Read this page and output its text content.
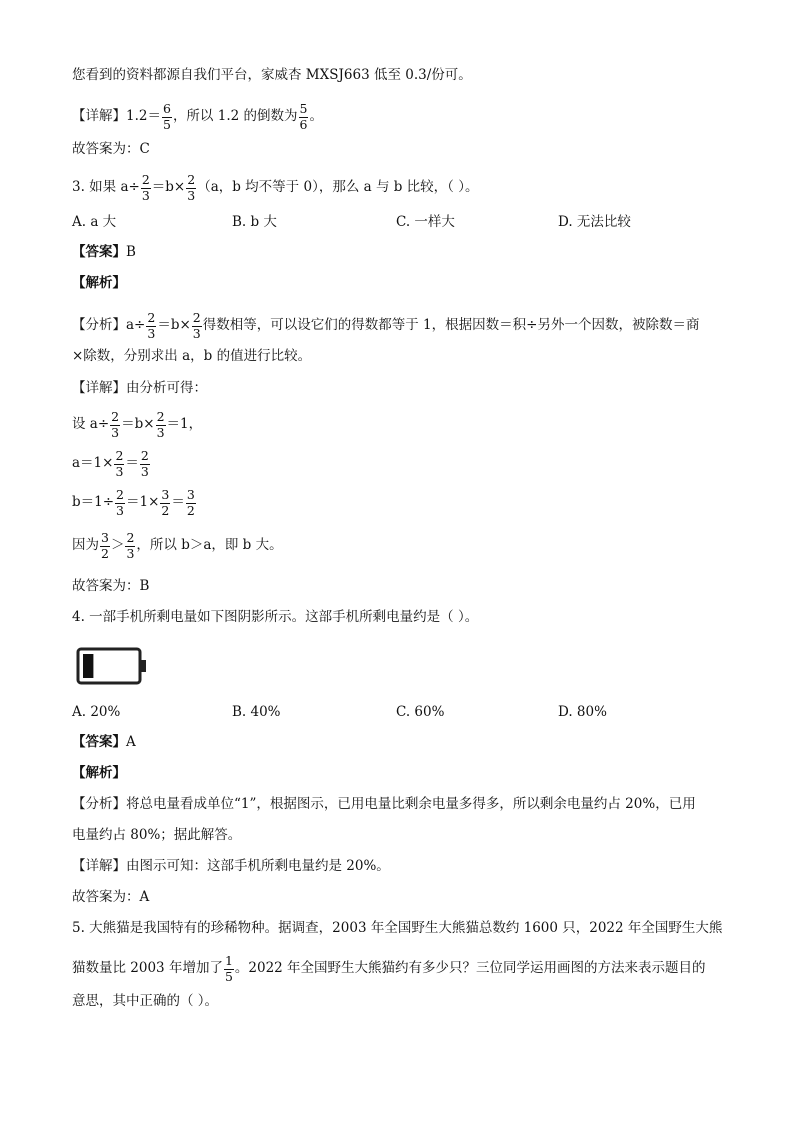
您看到的资料都源自我们平台，家威杏 MXSJ663 低至 0.3/份可。
【详解】 $1.2= \frac{6}{5}$ ，所以 1.2 的倒数为 $\frac{5}{6}$ 。
故答案为：C
3. 如果 $a\div \frac{2}{3} =b\times \frac{2}{3} (a$，b 均不等于 0），那么 a 与 b 比较，（ ）。
A. a 大	B. b 大	C. 一样大	D. 无法比较
【答案】 B
【解析】
【分析】 $a\div \frac{2}{3} =b\times \frac{2}{3}$ 得数相等，可以设它们的得数都等于 1，根据因数＝积÷另外一个因数，被除数＝商
×除数，分别求出 a，b 的值进行比较。
【详解】 由分析可得：
设 $a\div \frac{2}{3} =b\times \frac{2}{3} =1$，
$a=1\times \frac{2}{3} = \frac{2}{3}$
$b=1\div \frac{2}{3} =1\times \frac{3}{2} = \frac{3}{2}$
因为 $\frac{3}{2} > \frac{2}{3}$ ，所以 b＞a，即 b 大。
故答案为：B
4. 一部手机所剩电量如下图阴影所示。这部手机所剩电量约是（ ）。
A. 20%	B. 40%	C. 60%	D. 80%
【答案】 A
【解析】
【分析】 将总电量看成单位“1”，根据图示，已用电量比剩余电量多得多，所以剩余电量约占 20%，已用
电量约占 80%；据此解答。
【详解】 由图示可知：这部手机所剩电量约是 20%。
故答案为：A
5. 大熊猫是我国特有的珍稀物种。据调查，2003 年全国野生大熊猫总数约 1600 只，2022 年全国野生大熊
猫数量比 2003 年增加了 $\frac{1}{5}$ 。2022 年全国野生大熊猫约有多少只？三位同学运用画图的方法来表示题目的
意思，其中正确的（ ）。
